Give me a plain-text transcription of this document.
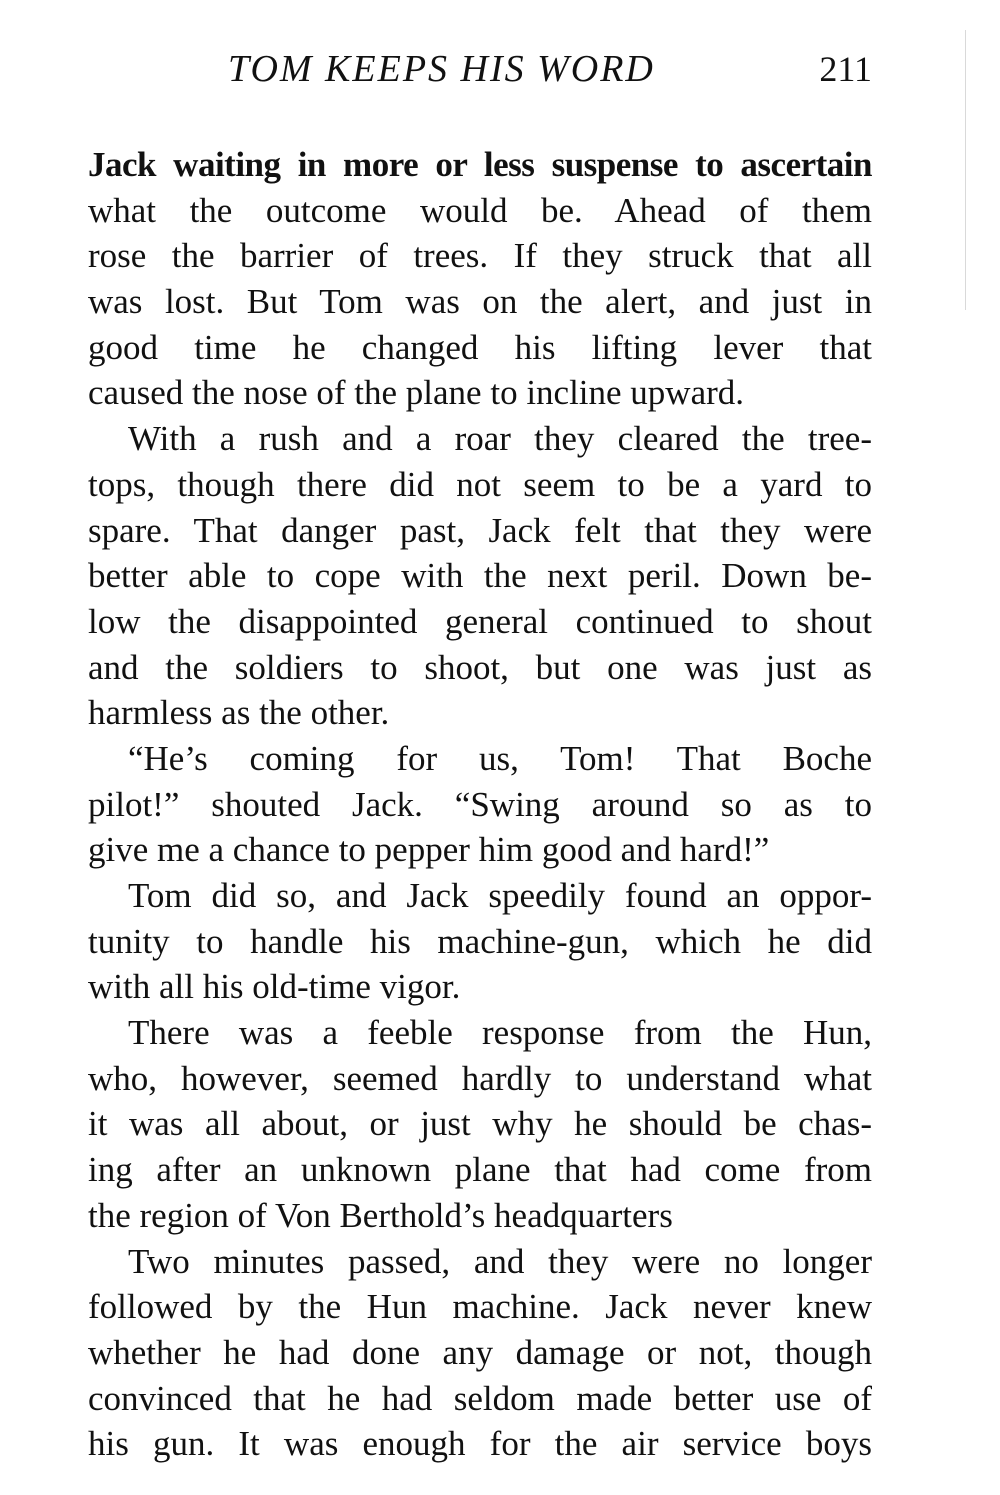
TOM KEEPS HIS WORD	211
Jack waiting in more or less suspense to ascertain
what the outcome would be. Ahead of them
rose the barrier of trees. If they struck that all
was lost. But Tom was on the alert, and just in
good time he changed his lifting lever that
caused the nose of the plane to incline upward.
With a rush and a roar they cleared the tree-
tops, though there did not seem to be a yard to
spare. That danger past, Jack felt that they were
better able to cope with the next peril. Down be-
low the disappointed general continued to shout
and the soldiers to shoot, but one was just as
harmless as the other.
“He’s coming for us, Tom! That Boche
pilot!” shouted Jack. “Swing around so as to
give me a chance to pepper him good and hard!”
Tom did so, and Jack speedily found an oppor-
tunity to handle his machine-gun, which he did
with all his old-time vigor.
There was a feeble response from the Hun,
who, however, seemed hardly to understand what
it was all about, or just why he should be chas-
ing after an unknown plane that had come from
the region of Von Berthold’s headquarters
Two minutes passed, and they were no longer
followed by the Hun machine. Jack never knew
whether he had done any damage or not, though
convinced that he had seldom made better use of
his gun. It was enough for the air service boys
